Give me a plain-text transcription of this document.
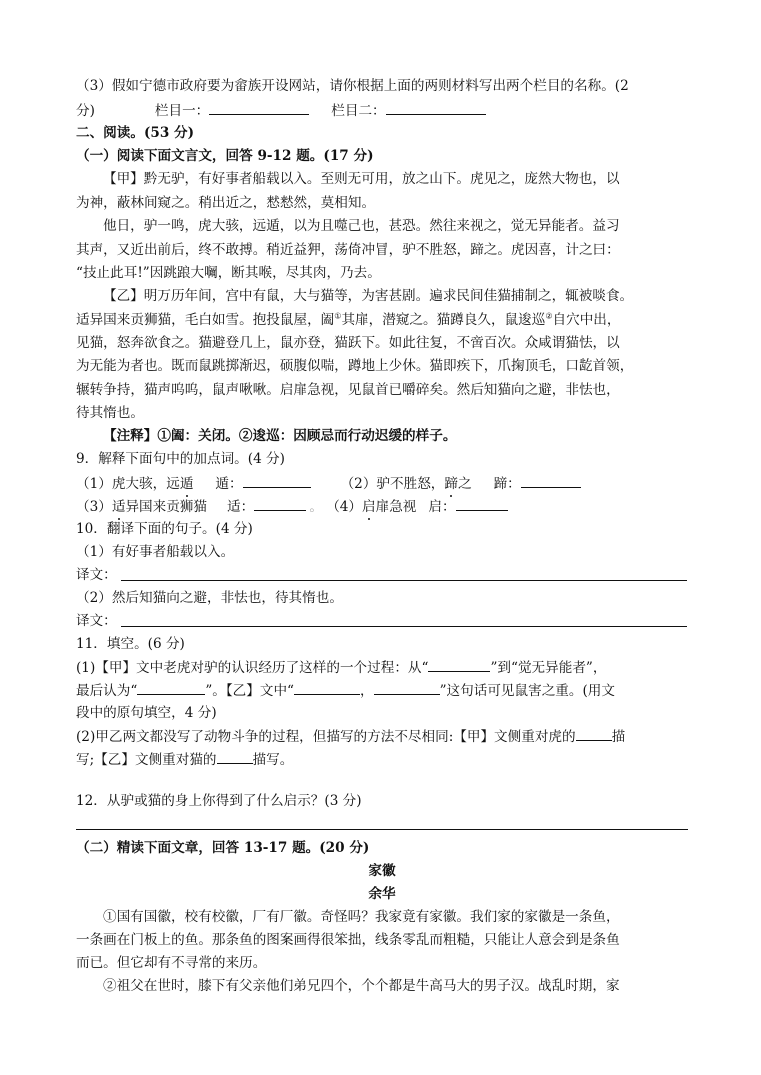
（3）假如宁德市政府要为畲族开设网站，请你根据上面的两则材料写出两个栏目的名称。(2
分)	栏目一：	栏目二：
二、阅读。(53 分)
（一）阅读下面文言文，回答 9-12 题。(17 分)
【甲】黔无驴，有好事者船载以入。至则无可用，放之山下。虎见之，庞然大物也，以
为神，蔽林间窥之。稍出近之，慭慭然，莫相知。
他日，驴一鸣，虎大骇，远遁，以为且噬己也，甚恐。然往来视之，觉无异能者。益习
其声，又近出前后，终不敢搏。稍近益狎，荡倚冲冒，驴不胜怒，蹄之。虎因喜，计之曰：
“技止此耳!”因跳踉大㘎，断其喉，尽其肉，乃去。
【乙】明万历年间，宫中有鼠，大与猫等，为害甚剧。遍求民间佳猫捕制之，辄被啖食。
适异国来贡狮猫，毛白如雪。抱投鼠屋，阖①其扉，潜窥之。猫蹲良久，鼠逡巡②自穴中出，
见猫，怒奔欲食之。猫避登几上，鼠亦登，猫跃下。如此往复，不啻百次。众咸谓猫怯，以
为无能为者也。既而鼠跳掷渐迟，硕腹似喘，蹲地上少休。猫即疾下，爪掬顶毛，口龁首领，
辗转争持，猫声呜呜，鼠声啾啾。启扉急视，见鼠首已嚼碎矣。然后知猫向之避，非怯也，
待其惰也。
【注释】①阖：关闭。②逡巡：因顾忌而行动迟缓的样子。
9．解释下面句中的加点词。(4 分)
（1）虎大骇，远遁 遁：	（2）驴不胜怒，蹄之 蹄：
（3）适异国来贡狮猫 适：	。 （4）启扉急视 启：
10．翻译下面的句子。(4 分)
（1）有好事者船载以入。
译文：
（2）然后知猫向之避，非怯也，待其惰也。
译文：
11．填空。(6 分)
(1)【甲】文中老虎对驴的认识经历了这样的一个过程：从“	”到“觉无异能者”，
最后认为“	”。【乙】文中“	，	”这句话可见鼠害之重。(用文
段中的原句填空，4 分)
(2)甲乙两文都没写了动物斗争的过程，但描写的方法不尽相同:【甲】文侧重对虎的	描
写;【乙】文侧重对猫的	描写。
12．从驴或猫的身上你得到了什么启示？(3 分)
（二）精读下面文章，回答 13-17 题。(20 分)
家徽
余华
①国有国徽，校有校徽，厂有厂徽。奇怪吗？我家竟有家徽。我们家的家徽是一条鱼，
一条画在门板上的鱼。那条鱼的图案画得很笨拙，线条零乱而粗糙，只能让人意会到是条鱼
而已。但它却有不寻常的来历。
②祖父在世时，膝下有父亲他们弟兄四个，个个都是牛高马大的男子汉。战乱时期，家
